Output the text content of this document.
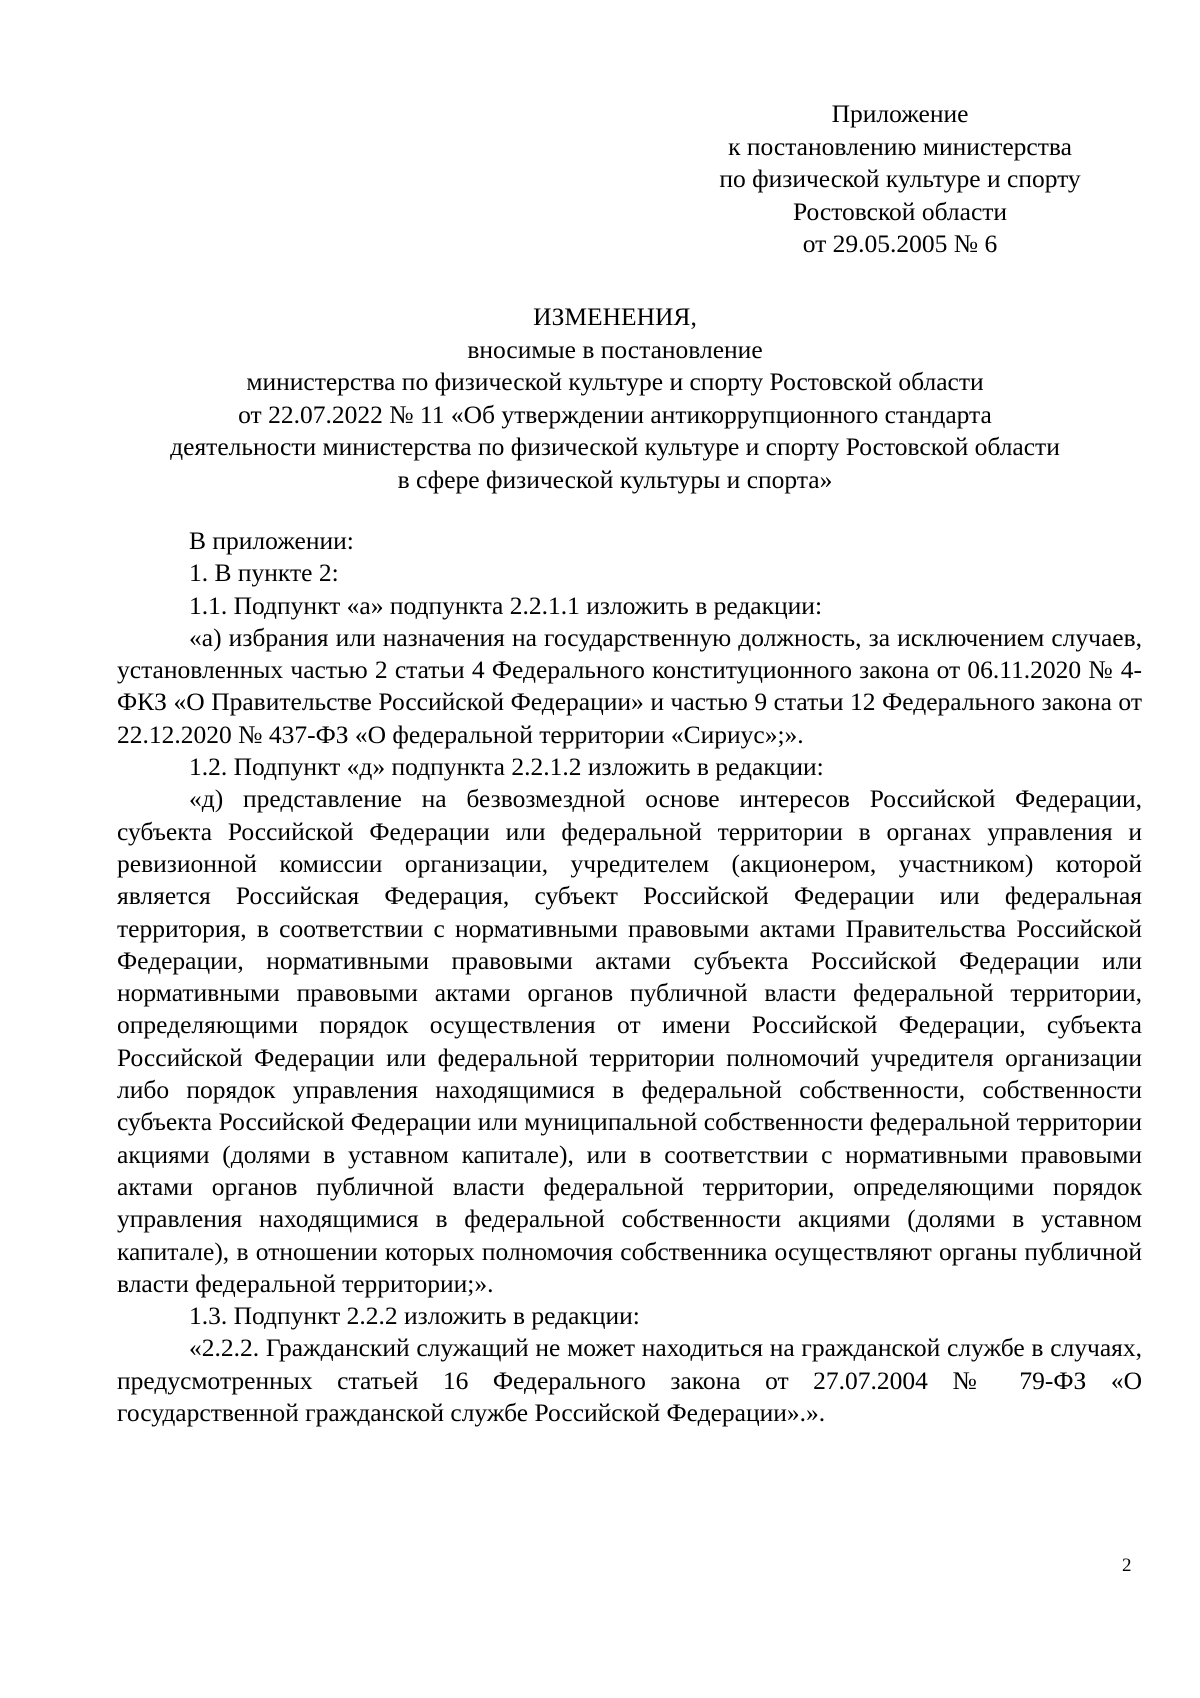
Приложение
к постановлению министерства
по физической культуре и спорту
Ростовской области
от 29.05.2005 № 6
ИЗМЕНЕНИЯ,
вносимые в постановление
министерства по физической культуре и спорту Ростовской области
от 22.07.2022 № 11 «Об утверждении антикоррупционного стандарта
деятельности министерства по физической культуре и спорту Ростовской области
в сфере физической культуры и спорта»

В приложении:

1. В пункте 2:

1.1. Подпункт «а» подпункта 2.2.1.1 изложить в редакции:

«а) избрания или назначения на государственную должность, за исключением случаев, установленных частью 2 статьи 4 Федерального конституционного закона от 06.11.2020 № 4-ФКЗ «О Правительстве Российской Федерации» и частью 9 статьи 12 Федерального закона от 22.12.2020 № 437-ФЗ «О федеральной территории «Сириус»;».

1.2. Подпункт «д» подпункта 2.2.1.2 изложить в редакции:

«д) представление на безвозмездной основе интересов Российской Федерации, субъекта Российской Федерации или федеральной территории в органах управления и ревизионной комиссии организации, учредителем (акционером, участником) которой является Российская Федерация, субъект Российской Федерации или федеральная территория, в соответствии с нормативными правовыми актами Правительства Российской Федерации, нормативными правовыми актами субъекта Российской Федерации или нормативными правовыми актами органов публичной власти федеральной территории, определяющими порядок осуществления от имени Российской Федерации, субъекта Российской Федерации или федеральной территории полномочий учредителя организации либо порядок управления находящимися в федеральной собственности, собственности субъекта Российской Федерации или муниципальной собственности федеральной территории акциями (долями в уставном капитале), или в соответствии с нормативными правовыми актами органов публичной власти федеральной территории, определяющими порядок управления находящимися в федеральной собственности акциями (долями в уставном капитале), в отношении которых полномочия собственника осуществляют органы публичной власти федеральной территории;».

1.3. Подпункт 2.2.2 изложить в редакции:

«2.2.2. Гражданский служащий не может находиться на гражданской службе в случаях, предусмотренных статьей 16 Федерального закона от 27.07.2004 № 79-ФЗ «О государственной гражданской службе Российской Федерации».».

2
